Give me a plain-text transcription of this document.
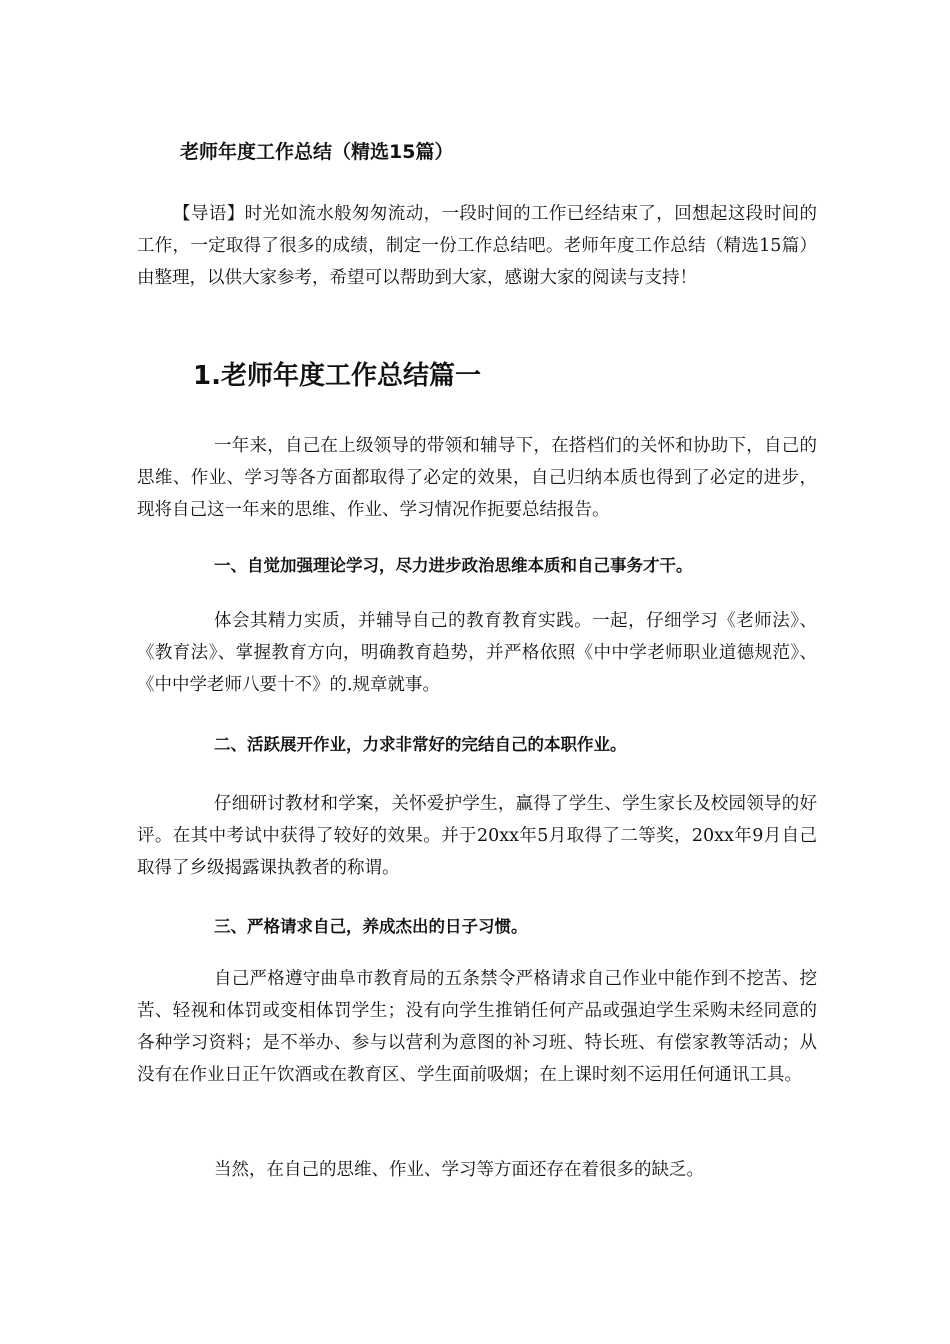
老师年度工作总结（精选15篇）

【导语】时光如流水般匆匆流动，一段时间的工作已经结束了，回想起这段时间的工作，一定取得了很多的成绩，制定一份工作总结吧。老师年度工作总结（精选15篇）由整理，以供大家参考，希望可以帮助到大家，感谢大家的阅读与支持！

1.老师年度工作总结篇一

一年来，自己在上级领导的带领和辅导下，在搭档们的关怀和协助下，自己的思维、作业、学习等各方面都取得了必定的效果，自己归纳本质也得到了必定的进步，现将自己这一年来的思维、作业、学习情况作扼要总结报告。

一、自觉加强理论学习，尽力进步政治思维本质和自己事务才干。

体会其精力实质，并辅导自己的教育教育实践。一起，仔细学习《老师法》、《教育法》、掌握教育方向，明确教育趋势，并严格依照《中中学老师职业道德规范》、《中中学老师八要十不》的.规章就事。

二、活跃展开作业，力求非常好的完结自己的本职作业。

仔细研讨教材和学案，关怀爱护学生，赢得了学生、学生家长及校园领导的好评。在其中考试中获得了较好的效果。并于20xx年5月取得了二等奖，20xx年9月自己取得了乡级揭露课执教者的称谓。

三、严格请求自己，养成杰出的日子习惯。

自己严格遵守曲阜市教育局的五条禁令严格请求自己作业中能作到不挖苦、挖苦、轻视和体罚或变相体罚学生；没有向学生推销任何产品或强迫学生采购未经同意的各种学习资料；是不举办、参与以营利为意图的补习班、特长班、有偿家教等活动；从没有在作业日正午饮酒或在教育区、学生面前吸烟；在上课时刻不运用任何通讯工具。

当然，在自己的思维、作业、学习等方面还存在着很多的缺乏。
